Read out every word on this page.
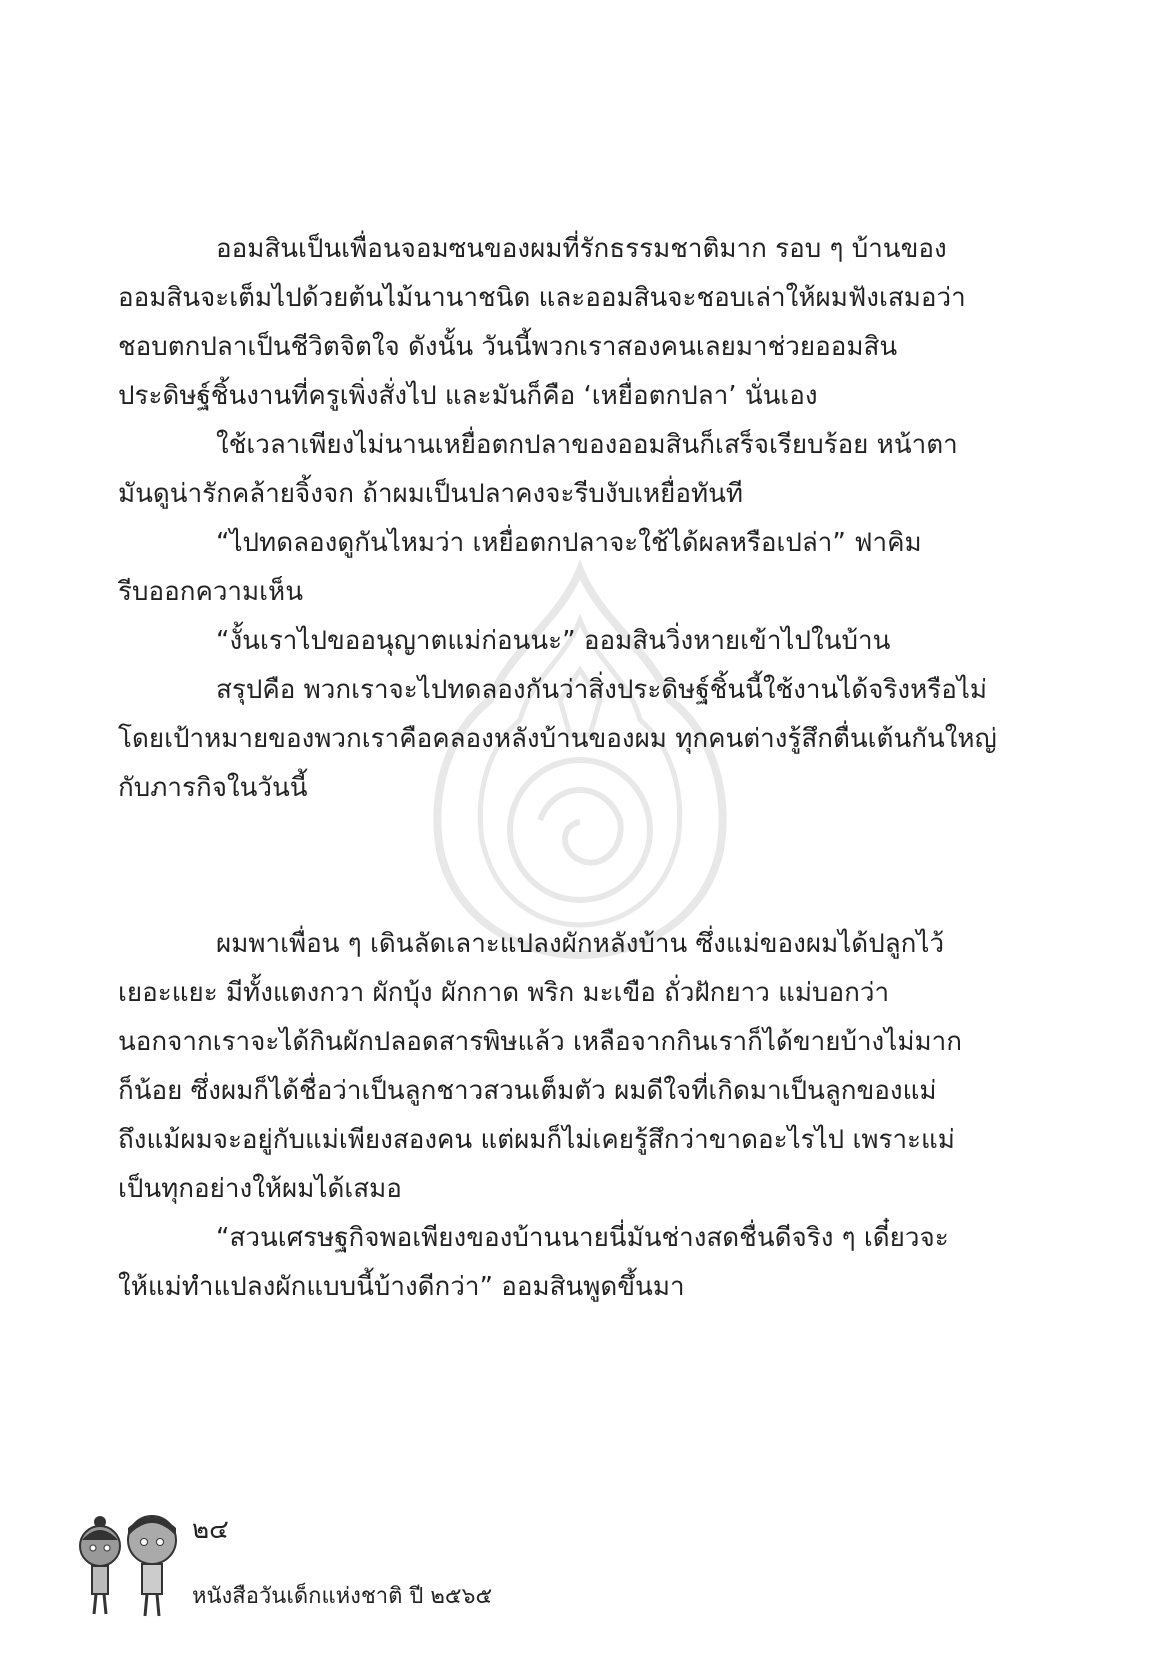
ออมสินเป็นเพื่อนจอมซนของผมที่รักธรรมชาติมาก รอบ ๆ บ้านของ
ออมสินจะเต็มไปด้วยต้นไม้นานาชนิด และออมสินจะชอบเล่าให้ผมฟังเสมอว่า
ชอบตกปลาเป็นชีวิตจิตใจ ดังนั้น วันนี้พวกเราสองคนเลยมาช่วยออมสิน
ประดิษฐ์ชิ้นงานที่ครูเพิ่งสั่งไป และมันก็คือ ‘เหยื่อตกปลา’ นั่นเอง
ใช้เวลาเพียงไม่นานเหยื่อตกปลาของออมสินก็เสร็จเรียบร้อย หน้าตา
มันดูน่ารักคล้ายจิ้งจก ถ้าผมเป็นปลาคงจะรีบงับเหยื่อทันที
“ไปทดลองดูกันไหมว่า เหยื่อตกปลาจะใช้ได้ผลหรือเปล่า” ฟาคิม
รีบออกความเห็น
“งั้นเราไปขออนุญาตแม่ก่อนนะ” ออมสินวิ่งหายเข้าไปในบ้าน
สรุปคือ พวกเราจะไปทดลองกันว่าสิ่งประดิษฐ์ชิ้นนี้ใช้งานได้จริงหรือไม่
โดยเป้าหมายของพวกเราคือคลองหลังบ้านของผม ทุกคนต่างรู้สึกตื่นเต้นกันใหญ่
กับภารกิจในวันนี้
ผมพาเพื่อน ๆ เดินลัดเลาะแปลงผักหลังบ้าน ซึ่งแม่ของผมได้ปลูกไว้
เยอะแยะ มีทั้งแตงกวา ผักบุ้ง ผักกาด พริก มะเขือ ถั่วฝักยาว แม่บอกว่า
นอกจากเราจะได้กินผักปลอดสารพิษแล้ว เหลือจากกินเราก็ได้ขายบ้างไม่มาก
ก็น้อย ซึ่งผมก็ได้ชื่อว่าเป็นลูกชาวสวนเต็มตัว ผมดีใจที่เกิดมาเป็นลูกของแม่
ถึงแม้ผมจะอยู่กับแม่เพียงสองคน แต่ผมก็ไม่เคยรู้สึกว่าขาดอะไรไป เพราะแม่
เป็นทุกอย่างให้ผมได้เสมอ
“สวนเศรษฐกิจพอเพียงของบ้านนายนี่มันช่างสดชื่นดีจริง ๆ เดี๋ยวจะ
ให้แม่ทำแปลงผักแบบนี้บ้างดีกว่า” ออมสินพูดขึ้นมา
๒๔
หนังสือวันเด็กแห่งชาติ ปี ๒๕๖๕
